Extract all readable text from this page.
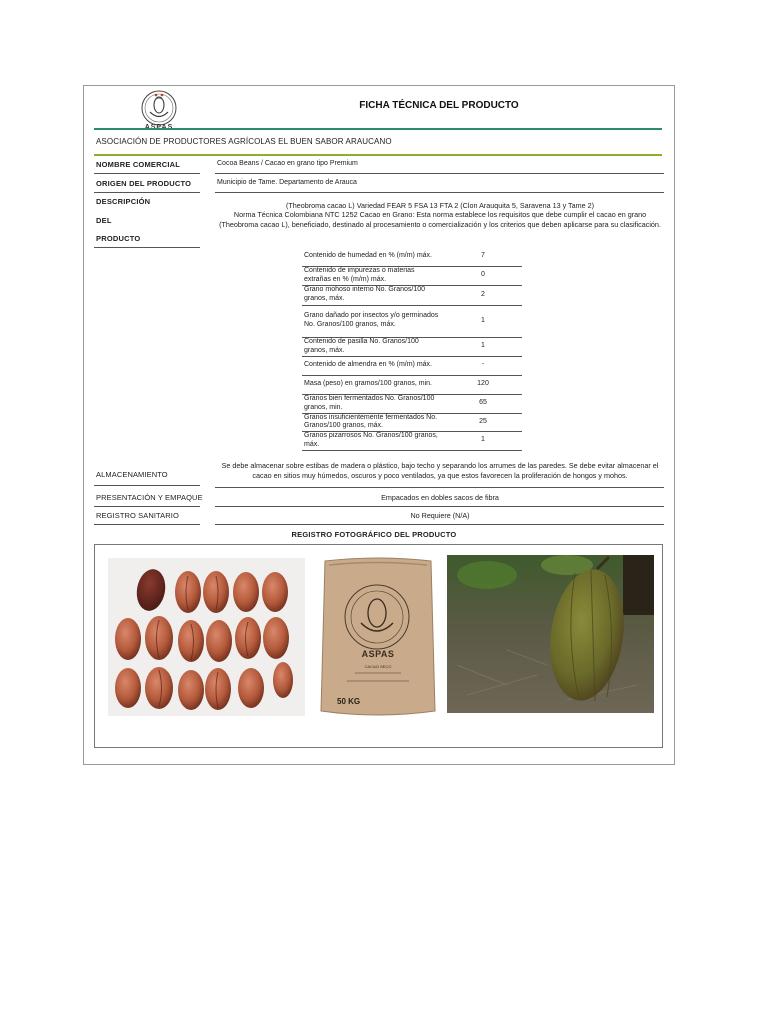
ASPAS
FICHA TÉCNICA DEL PRODUCTO
ASOCIACIÓN DE PRODUCTORES AGRÍCOLAS EL BUEN SABOR ARAUCANO
NOMBRE COMERCIAL	Cocoa Beans / Cacao en grano tipo Premium
ORIGEN DEL PRODUCTO	Municipio de Tame. Departamento de Arauca
DESCRIPCIÓN
DEL
PRODUCTO
(Theobroma cacao L) Variedad FEAR 5 FSA 13 FTA 2 (Clon Arauquita 5, Saravena 13 y Tame 2)
Norma Técnica Colombiana NTC 1252 Cacao en Grano: Esta norma establece los requisitos que debe cumplir el cacao en grano (Theobroma cacao L), beneficiado, destinado al procesamiento o comercialización y los criterios que deben aplicarse para su clasificación.
Contenido de humedad en % (m/m) máx.	7
Contenido de impurezas o materias extrañas en % (m/m) máx.	0
Grano mohoso interno No. Granos/100 granos, máx.	2
Grano dañado por insectos y/o germinados No. Granos/100 granos, máx.	1
Contenido de pasilla No. Granos/100 granos, máx.	1
Contenido de almendra en % (m/m) máx.	-
Masa (peso) en gramos/100 granos, min.	120
Granos bien fermentados No. Granos/100 granos, min.	65
Granos insuficientemente fermentados No. Granos/100 granos, máx.	25
Granos pizarrosos No. Granos/100 granos, máx.	1
ALMACENAMIENTO
Se debe almacenar sobre estibas de madera o plástico, bajo techo y separando los arrumes de las paredes. Se debe evitar almacenar el cacao en sitios muy húmedos, oscuros y poco ventilados, ya que estos favorecen la proliferación de hongos y mohos.
PRESENTACIÓN Y EMPAQUE	Empacados en dobles sacos de fibra
REGISTRO SANITARIO	No Requiere (N/A)
REGISTRO FOTOGRÁFICO DEL PRODUCTO
ASPAS
CACAO SECO
50 KG
